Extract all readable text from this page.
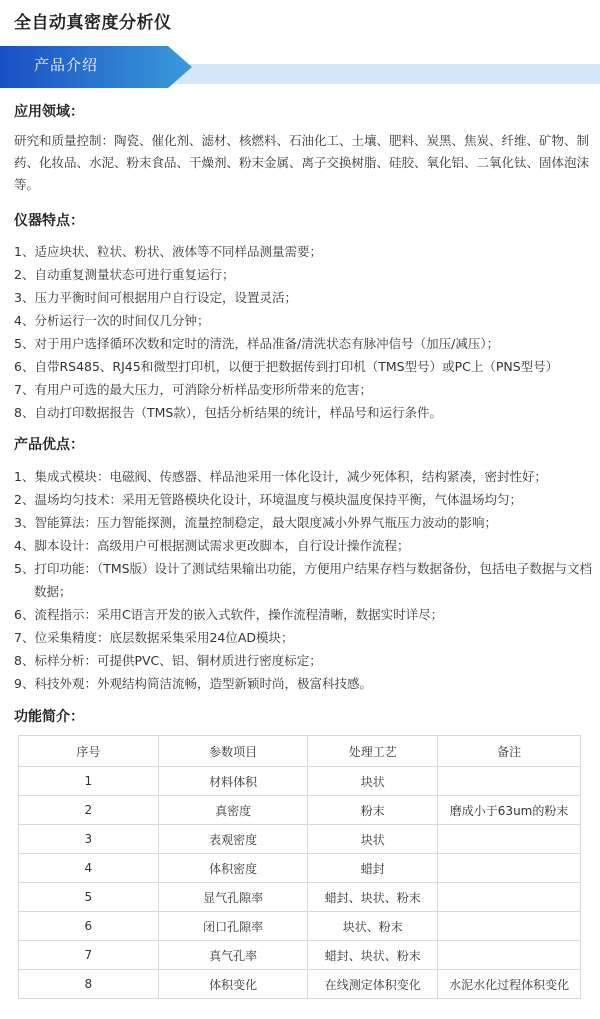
全自动真密度分析仪
产品介绍
应用领域：

研究和质量控制：陶瓷、催化剂、滤材、核燃料、石油化工、土壤、肥料、炭黑、焦炭、纤维、矿物、制药、化妆品、水泥、粉末食品、干燥剂、粉末金属、离子交换树脂、硅胶、氧化铝、二氧化钛、固体泡沫等。

仪器特点：
1、适应块状、粒状、粉状、液体等不同样品测量需要；
2、自动重复测量状态可进行重复运行；
3、压力平衡时间可根据用户自行设定，设置灵活；
4、分析运行一次的时间仅几分钟；
5、对于用户选择循环次数和定时的清洗，样品准备/清洗状态有脉冲信号（加压/减压）；
6、自带RS485、RJ45和微型打印机，以便于把数据传到打印机（TMS型号）或PC上（PNS型号）
7、有用户可选的最大压力，可消除分析样品变形所带来的危害；
8、自动打印数据报告（TMS款），包括分析结果的统计，样品号和运行条件。
产品优点：
1、集成式模块：电磁阀、传感器、样品池采用一体化设计，减少死体积，结构紧凑，密封性好；
2、温场均匀技术：采用无管路模块化设计，环境温度与模块温度保持平衡，气体温场均匀；
3、智能算法：压力智能探测，流量控制稳定，最大限度减小外界气瓶压力波动的影响；
4、脚本设计：高级用户可根据测试需求更改脚本，自行设计操作流程；
5、打印功能：（TMS版）设计了测试结果输出功能，方便用户结果存档与数据备份，包括电子数据与文档数据；
6、流程指示：采用C语言开发的嵌入式软件，操作流程清晰，数据实时详尽；
7、位采集精度：底层数据采集采用24位AD模块；
8、标样分析：可提供PVC、铝、铜材质进行密度标定；
9、科技外观：外观结构简洁流畅，造型新颖时尚，极富科技感。
功能简介：
序号	参数项目	处理工艺	备注
1	材料体积	块状	
2	真密度	粉末	磨成小于63um的粉末
3	表观密度	块状	
4	体积密度	蜡封	
5	显气孔隙率	蜡封、块状、粉末	
6	闭口孔隙率	块状、粉末	
7	真气孔率	蜡封、块状、粉末	
8	体积变化	在线测定体积变化	水泥水化过程体积变化
